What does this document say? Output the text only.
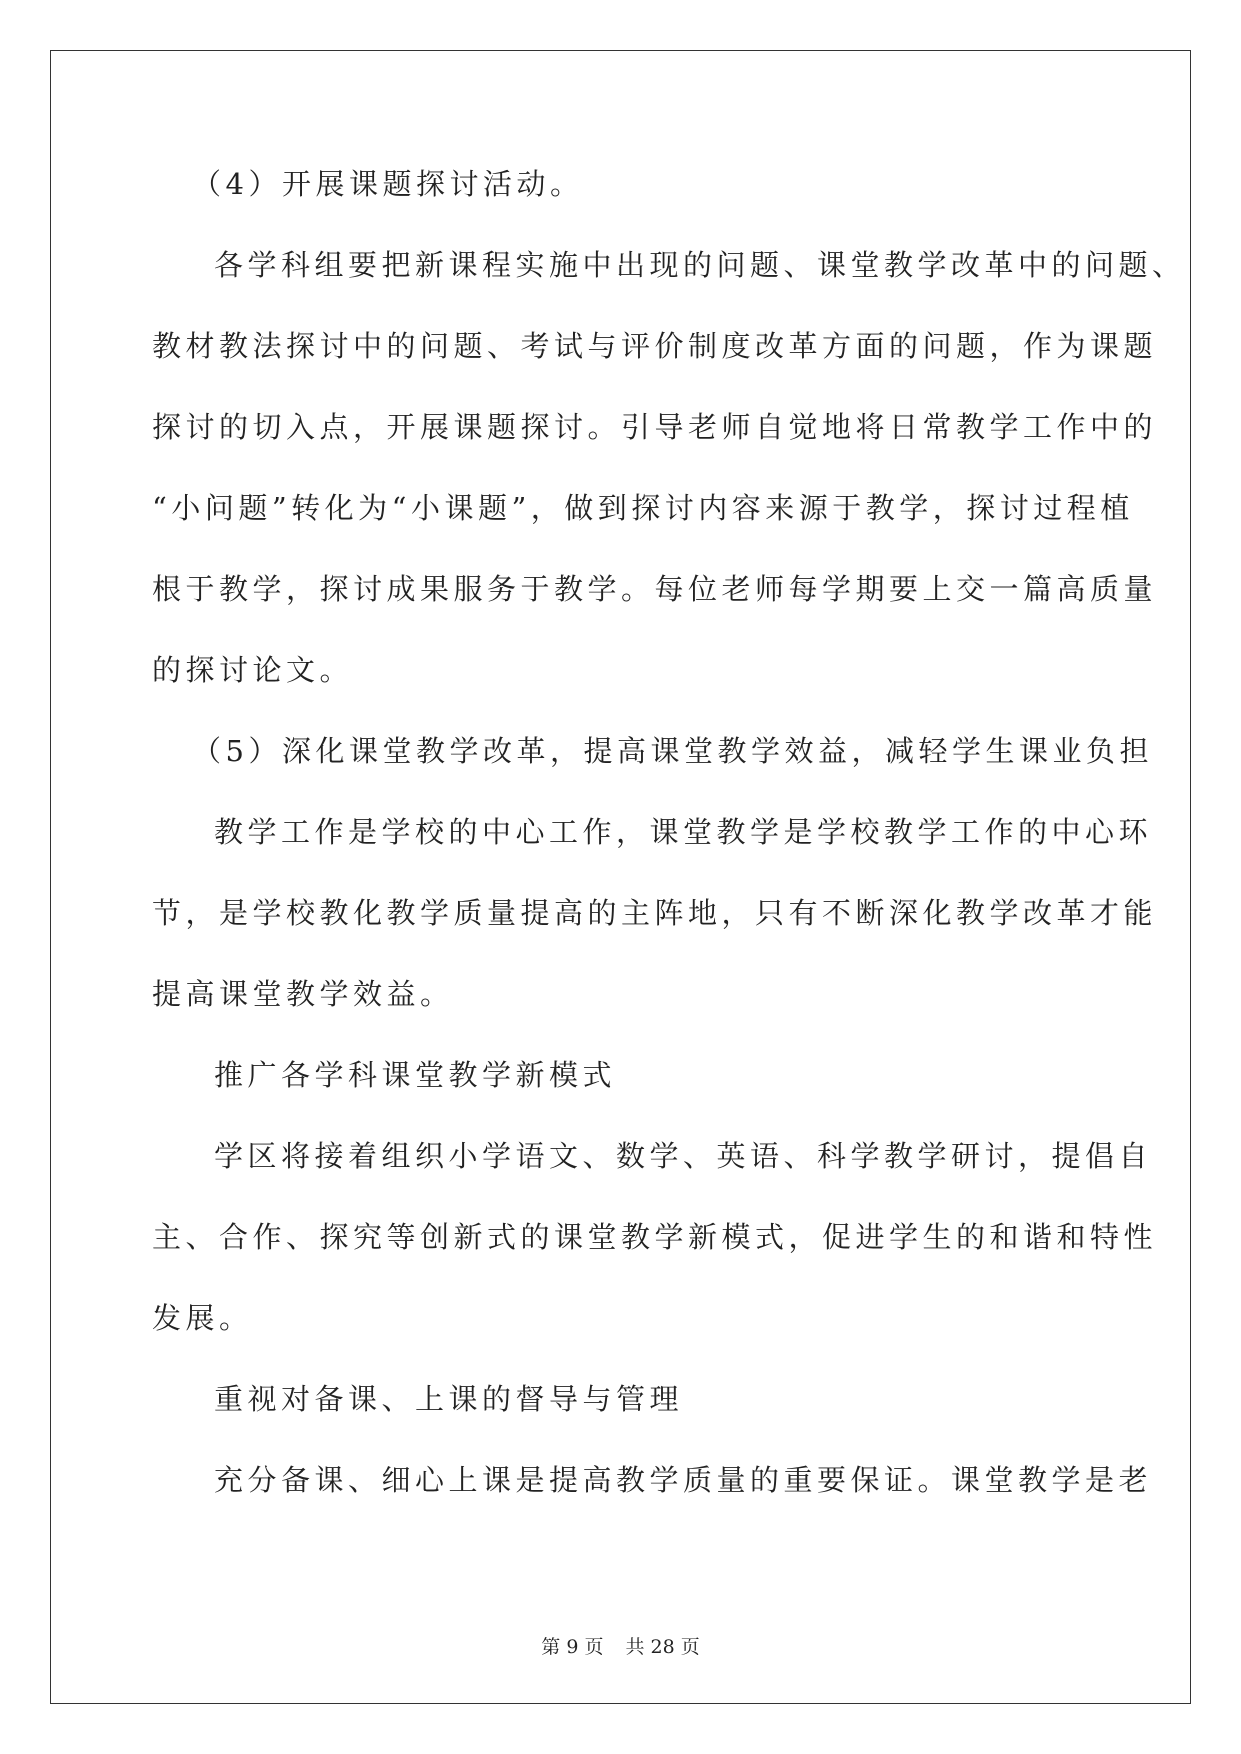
（4）开展课题探讨活动。
各学科组要把新课程实施中出现的问题、课堂教学改革中的问题、
教材教法探讨中的问题、考试与评价制度改革方面的问题，作为课题
探讨的切入点，开展课题探讨。引导老师自觉地将日常教学工作中的
“小问题”转化为“小课题”，做到探讨内容来源于教学，探讨过程植
根于教学，探讨成果服务于教学。每位老师每学期要上交一篇高质量
的探讨论文。
（5）深化课堂教学改革，提高课堂教学效益，减轻学生课业负担
教学工作是学校的中心工作，课堂教学是学校教学工作的中心环
节，是学校教化教学质量提高的主阵地，只有不断深化教学改革才能
提高课堂教学效益。
推广各学科课堂教学新模式
学区将接着组织小学语文、数学、英语、科学教学研讨，提倡自
主、合作、探究等创新式的课堂教学新模式，促进学生的和谐和特性
发展。
重视对备课、上课的督导与管理
充分备课、细心上课是提高教学质量的重要保证。课堂教学是老
第 9 页 共 28 页
